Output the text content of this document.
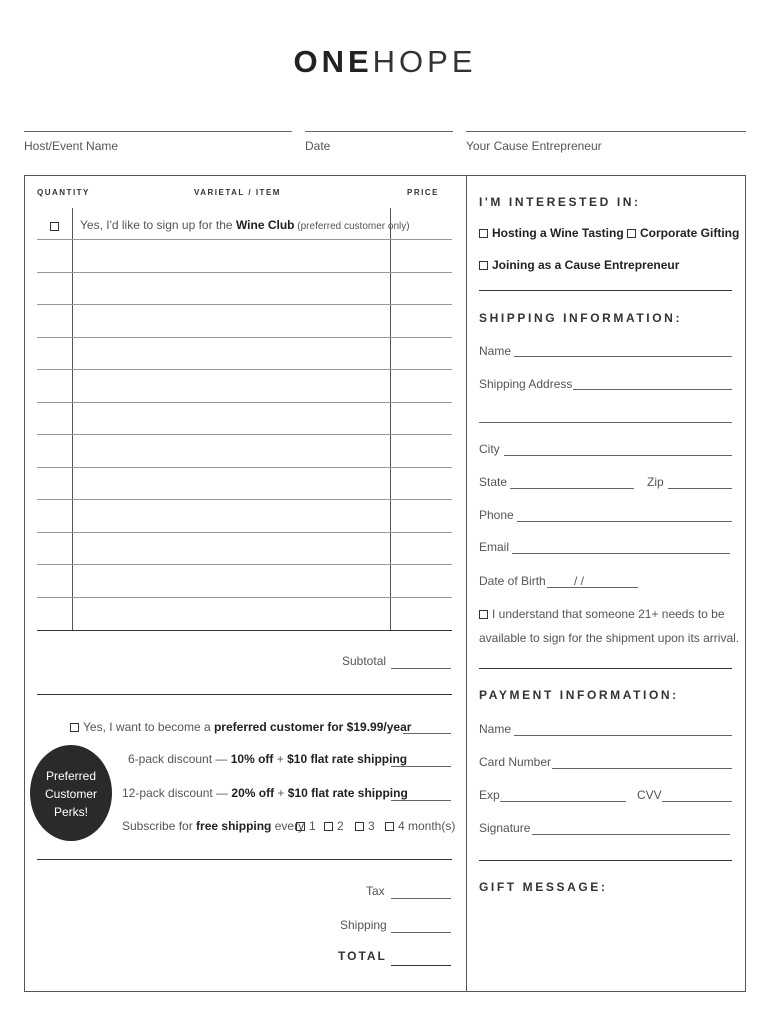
ONEHOPE
Host/Event Name	Date	Your Cause Entrepreneur
QUANTITY	VARIETAL / ITEM	PRICE
Yes, I'd like to sign up for the Wine Club (preferred customer only)
Subtotal
Yes, I want to become a preferred customer for $19.99/year
6-pack discount — 10% off + $10 flat rate shipping
12-pack discount — 20% off + $10 flat rate shipping
Subscribe for free shipping every 1	2	3	4 month(s)
Preferred
Customer
Perks!
Tax
Shipping
TOTAL
I'M INTERESTED IN:
Hosting a Wine Tasting	Corporate Gifting
Joining as a Cause Entrepreneur
SHIPPING INFORMATION:
Name
Shipping Address
City
State	Zip
Phone
Email
Date of Birth / /
I understand that someone 21+ needs to be
available to sign for the shipment upon its arrival.
PAYMENT INFORMATION:
Name
Card Number
Exp	CVV
Signature
GIFT MESSAGE:
